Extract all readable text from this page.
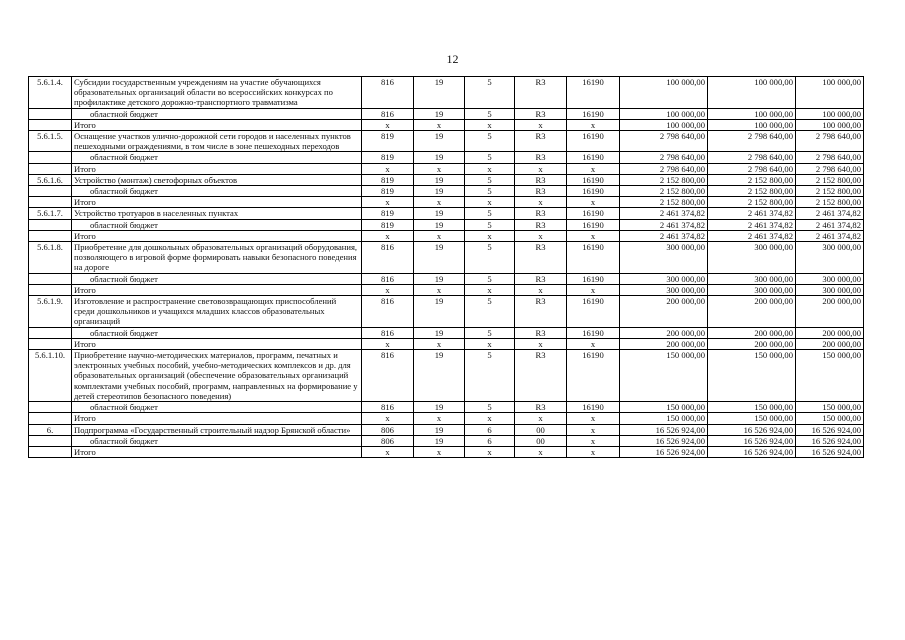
12
5.6.1.4.	Субсидии государственным учреждениям на участие обучающихся образовательных организаций области во всероссийских конкурсах по профилактике детского дорожно-транспортного травматизма	816	19	5	R3	16190	100 000,00	100 000,00	100 000,00
	областной бюджет	816	19	5	R3	16190	100 000,00	100 000,00	100 000,00
	Итого	x	x	x	x	x	100 000,00	100 000,00	100 000,00
5.6.1.5.	Оснащение участков улично-дорожной сети городов и населенных пунктов пешеходными ограждениями, в том числе в зоне пешеходных переходов	819	19	5	R3	16190	2 798 640,00	2 798 640,00	2 798 640,00
	областной бюджет	819	19	5	R3	16190	2 798 640,00	2 798 640,00	2 798 640,00
	Итого	x	x	x	x	x	2 798 640,00	2 798 640,00	2 798 640,00
5.6.1.6.	Устройство (монтаж) светофорных объектов	819	19	5	R3	16190	2 152 800,00	2 152 800,00	2 152 800,00
	областной бюджет	819	19	5	R3	16190	2 152 800,00	2 152 800,00	2 152 800,00
	Итого	x	x	x	x	x	2 152 800,00	2 152 800,00	2 152 800,00
5.6.1.7.	Устройство тротуаров в населенных пунктах	819	19	5	R3	16190	2 461 374,82	2 461 374,82	2 461 374,82
	областной бюджет	819	19	5	R3	16190	2 461 374,82	2 461 374,82	2 461 374,82
	Итого	x	x	x	x	x	2 461 374,82	2 461 374,82	2 461 374,82
5.6.1.8.	Приобретение для дошкольных образовательных организаций оборудования, позволяющего в игровой форме формировать навыки безопасного поведения на дороге	816	19	5	R3	16190	300 000,00	300 000,00	300 000,00
	областной бюджет	816	19	5	R3	16190	300 000,00	300 000,00	300 000,00
	Итого	x	x	x	x	x	300 000,00	300 000,00	300 000,00
5.6.1.9.	Изготовление и распространение световозвращающих приспособлений среди дошкольников и учащихся младших классов образовательных организаций	816	19	5	R3	16190	200 000,00	200 000,00	200 000,00
	областной бюджет	816	19	5	R3	16190	200 000,00	200 000,00	200 000,00
	Итого	x	x	x	x	x	200 000,00	200 000,00	200 000,00
5.6.1.10.	Приобретение научно-методических материалов, программ, печатных и электронных учебных пособий, учебно-методических комплексов и др. для образовательных организаций (обеспечение образовательных организаций комплектами учебных пособий, программ, направленных на формирование у детей стереотипов безопасного поведения)	816	19	5	R3	16190	150 000,00	150 000,00	150 000,00
	областной бюджет	816	19	5	R3	16190	150 000,00	150 000,00	150 000,00
	Итого	x	x	x	x	x	150 000,00	150 000,00	150 000,00
6.	Подпрограмма «Государственный строительный надзор Брянской области»	806	19	6	00	x	16 526 924,00	16 526 924,00	16 526 924,00
	областной бюджет	806	19	6	00	x	16 526 924,00	16 526 924,00	16 526 924,00
	Итого	x	x	x	x	x	16 526 924,00	16 526 924,00	16 526 924,00
